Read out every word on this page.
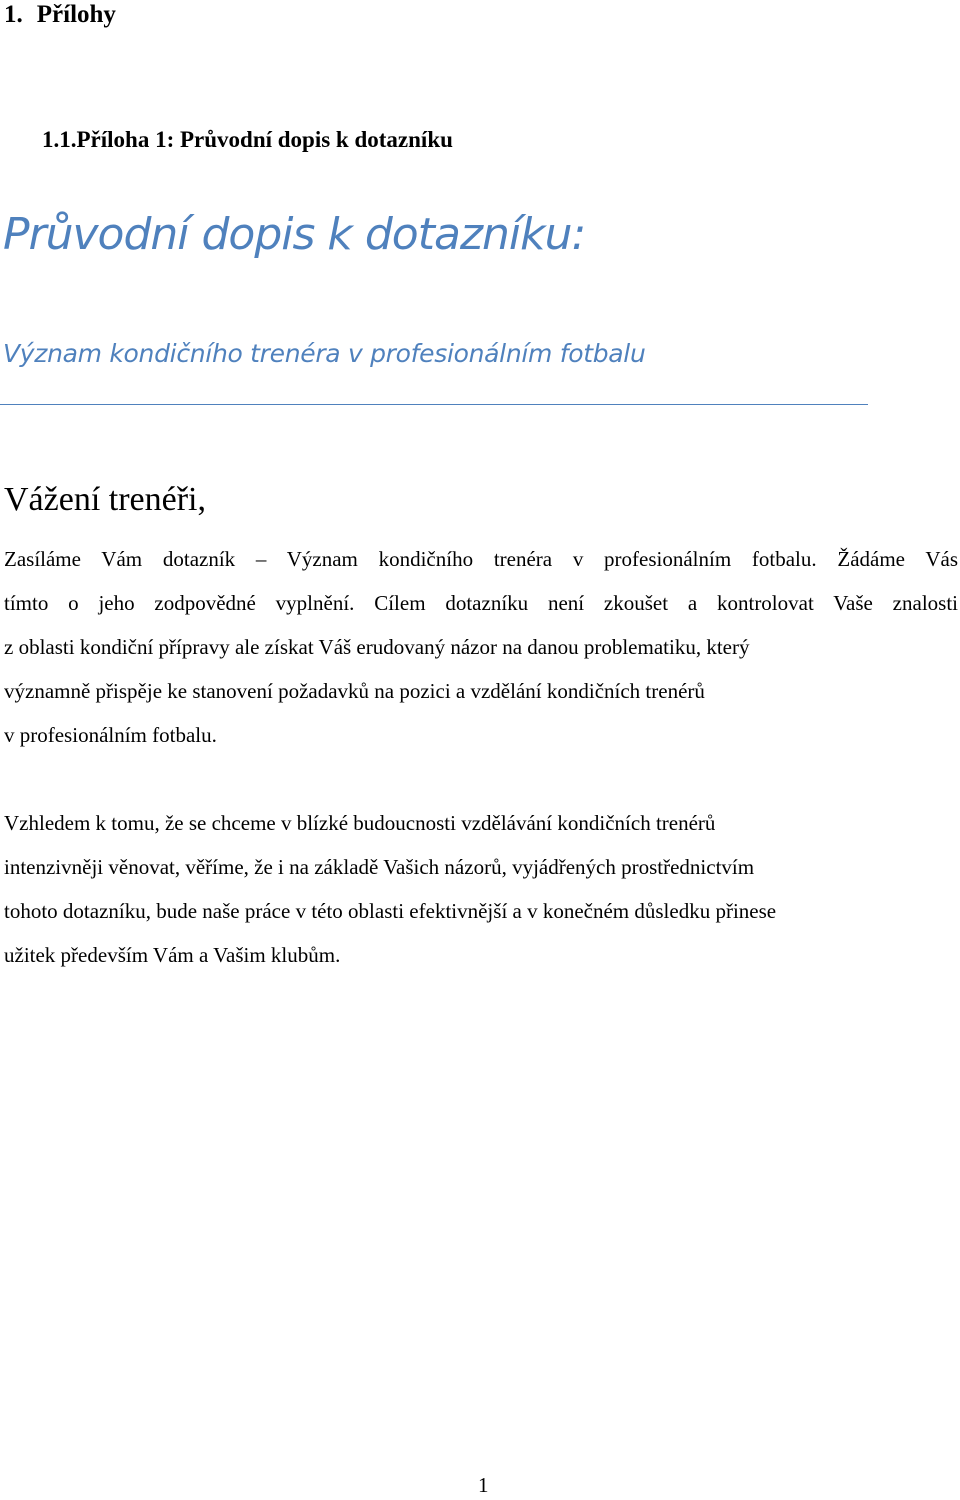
1. Přílohy
1.1.Příloha 1: Průvodní dopis k dotazníku
Průvodní dopis k dotazníku:
Význam kondičního trenéra v profesionálním fotbalu
Vážení trenéři,
Zasíláme Vám dotazník – Význam kondičního trenéra v profesionálním fotbalu. Žádáme Vás
tímto o jeho zodpovědné vyplnění. Cílem dotazníku není zkoušet a kontrolovat Vaše znalosti
z oblasti kondiční přípravy ale získat Váš erudovaný názor na danou problematiku, který
významně přispěje ke stanovení požadavků na pozici a vzdělání kondičních trenérů
v profesionálním fotbalu.
Vzhledem k tomu, že se chceme v blízké budoucnosti vzdělávání kondičních trenérů
intenzivněji věnovat, věříme, že i na základě Vašich názorů, vyjádřených prostřednictvím
tohoto dotazníku, bude naše práce v této oblasti efektivnější a v konečném důsledku přinese
užitek především Vám a Vašim klubům.
1
